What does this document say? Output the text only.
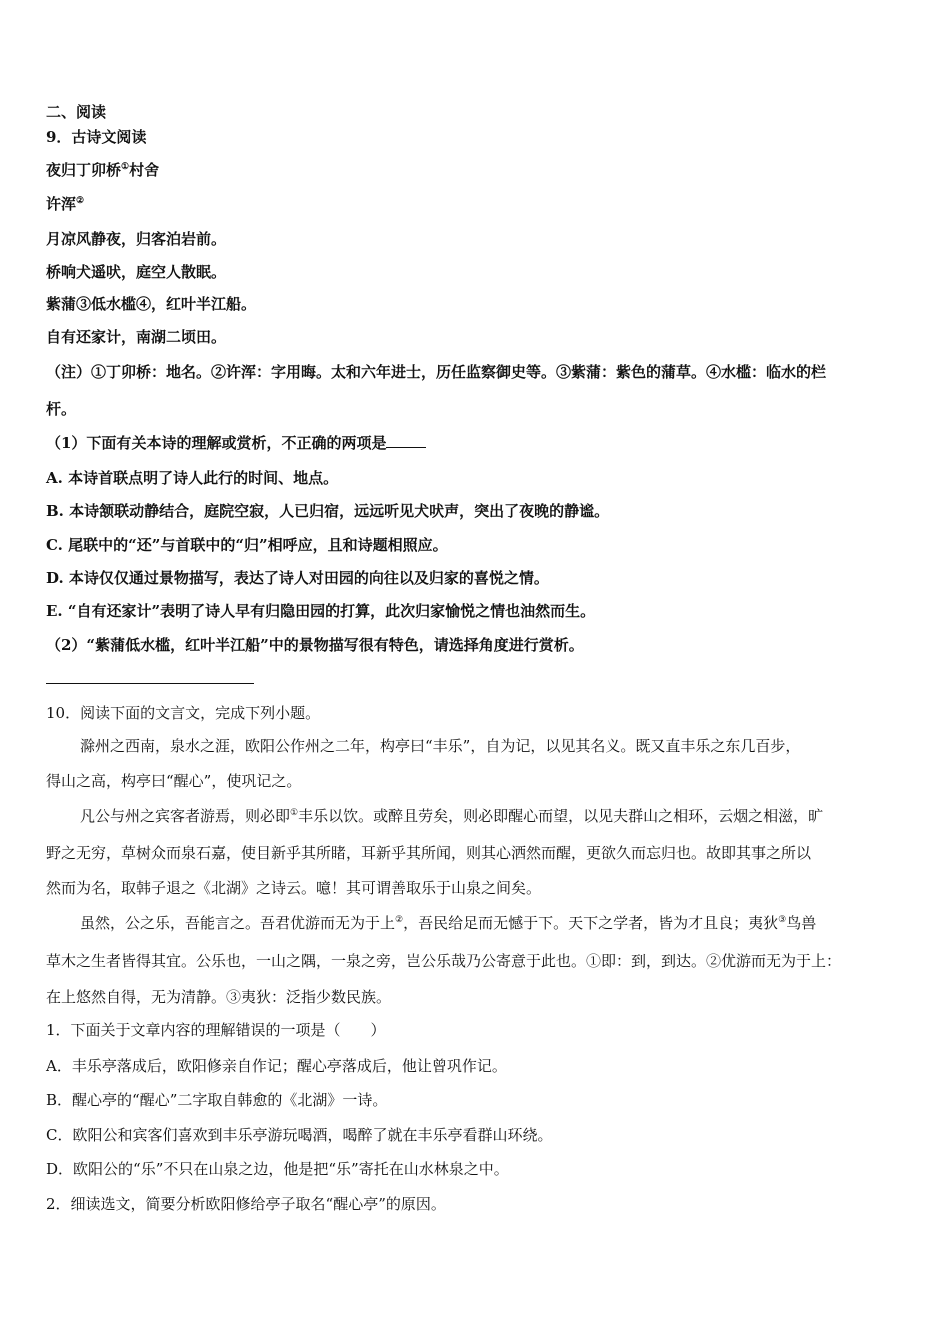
二、阅读
9．古诗文阅读
夜归丁卯桥①村舍
许浑②
月凉风静夜，归客泊岩前。
桥响犬遥吠，庭空人散眠。
紫蒲③低水槛④，红叶半江船。
自有还家计，南湖二顷田。
（注）①丁卯桥：地名。②许浑：字用晦。太和六年进士，历任监察御史等。③紫蒲：紫色的蒲草。④水槛：临水的栏
杆。
（1）下面有关本诗的理解或赏析，不正确的两项是
A. 本诗首联点明了诗人此行的时间、地点。
B. 本诗颔联动静结合，庭院空寂，人已归宿，远远听见犬吠声，突出了夜晚的静谧。
C. 尾联中的“还”与首联中的“归”相呼应，且和诗题相照应。
D. 本诗仅仅通过景物描写，表达了诗人对田园的向往以及归家的喜悦之情。
E. “自有还家计”表明了诗人早有归隐田园的打算，此次归家愉悦之情也油然而生。
（2）“紫蒲低水槛，红叶半江船”中的景物描写很有特色，请选择角度进行赏析。
10．阅读下面的文言文，完成下列小题。
滁州之西南，泉水之涯，欧阳公作州之二年，构亭曰“丰乐”，自为记，以见其名义。既又直丰乐之东几百步，
得山之高，构亭曰“醒心”，使巩记之。
凡公与州之宾客者游焉，则必即①丰乐以饮。或醉且劳矣，则必即醒心而望，以见夫群山之相环，云烟之相滋，旷
野之无穷，草树众而泉石嘉，使目新乎其所睹，耳新乎其所闻，则其心洒然而醒，更欲久而忘归也。故即其事之所以
然而为名，取韩子退之《北湖》之诗云。噫！其可谓善取乐于山泉之间矣。
虽然，公之乐，吾能言之。吾君优游而无为于上②，吾民给足而无憾于下。天下之学者，皆为才且良；夷狄③鸟兽
草木之生者皆得其宜。公乐也，一山之隅，一泉之旁，岂公乐哉乃公寄意于此也。①即：到，到达。②优游而无为于上：
在上悠然自得，无为清静。③夷狄：泛指少数民族。
1．下面关于文章内容的理解错误的一项是（　　）
A．丰乐亭落成后，欧阳修亲自作记；醒心亭落成后，他让曾巩作记。
B．醒心亭的“醒心”二字取自韩愈的《北湖》一诗。
C．欧阳公和宾客们喜欢到丰乐亭游玩喝酒，喝醉了就在丰乐亭看群山环绕。
D．欧阳公的“乐”不只在山泉之边，他是把“乐”寄托在山水林泉之中。
2．细读选文，简要分析欧阳修给亭子取名“醒心亭”的原因。
